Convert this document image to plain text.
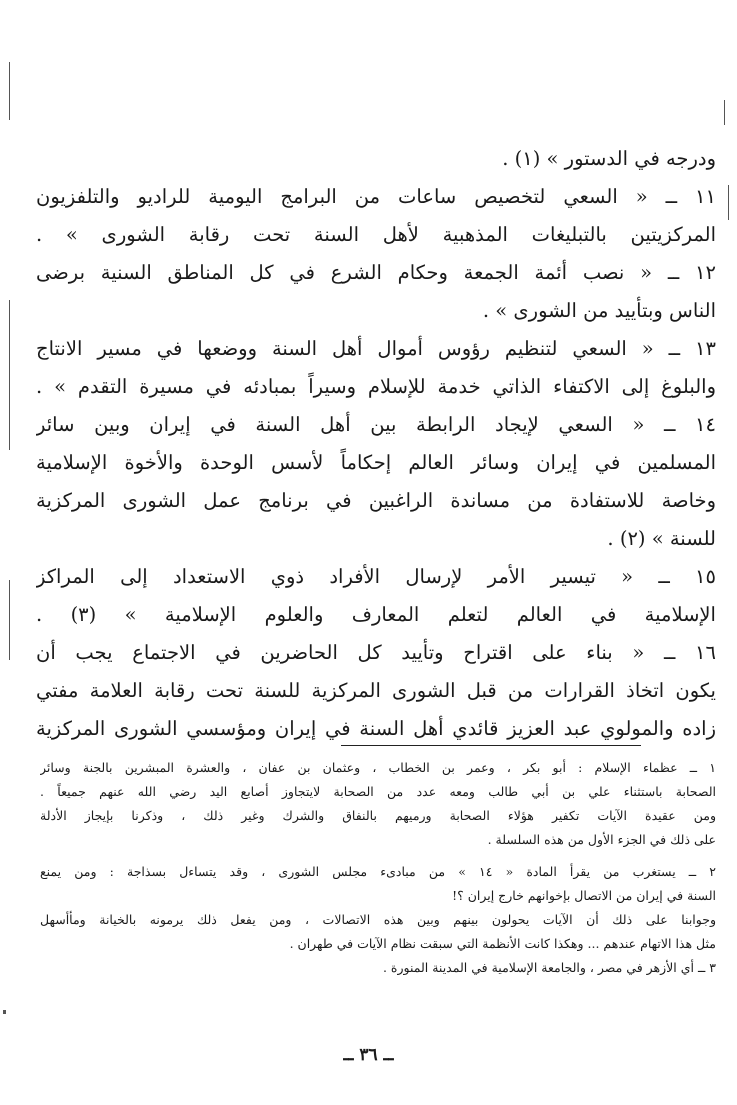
ودرجه في الدستور » (١) .
١١ ــ « السعي لتخصيص ساعات من البرامج اليومية للراديو والتلفزيون
المركزيتين بالتبليغات المذهبية لأهل السنة تحت رقابة الشورى » .
١٢ ــ « نصب أئمة الجمعة وحكام الشرع في كل المناطق السنية برضى
الناس وبتأييد من الشورى » .
١٣ ــ « السعي لتنظيم رؤوس أموال أهل السنة ووضعها في مسير الانتاج
والبلوغ إلى الاكتفاء الذاتي خدمة للإسلام وسيراً بمبادئه في مسيرة التقدم » .
١٤ ــ « السعي لإيجاد الرابطة بين أهل السنة في إيران وبين سائر
المسلمين في إيران وسائر العالم إحكاماً لأسس الوحدة والأخوة الإسلامية
وخاصة للاستفادة من مساندة الراغبين في برنامج عمل الشورى المركزية
للسنة » (٢) .
١٥ ــ « تيسير الأمر لإرسال الأفراد ذوي الاستعداد إلى المراكز
الإسلامية في العالم لتعلم المعارف والعلوم الإسلامية » (٣) .
١٦ ــ « بناء على اقتراح وتأييد كل الحاضرين في الاجتماع يجب أن
يكون اتخاذ القرارات من قبل الشورى المركزية للسنة تحت رقابة العلامة مفتي
زاده والمولوي عبد العزيز قائدي أهل السنة في إيران ومؤسسي الشورى المركزية
١ ــ عظماء الإسلام : أبو بكر ، وعمر بن الخطاب ، وعثمان بن عفان ، والعشرة المبشرين بالجنة وسائر
الصحابة باستثناء علي بن أبي طالب ومعه عدد من الصحابة لايتجاوز أصابع اليد رضي الله عنهم جميعاً .
ومن عقيدة الآيات تكفير هؤلاء الصحابة ورميهم بالنفاق والشرك وغير ذلك ، وذكرنا بإيجاز الأدلة
على ذلك في الجزء الأول من هذه السلسلة .
٢ ــ يستغرب من يقرأ المادة « ١٤ » من مبادىء مجلس الشورى ، وقد يتساءل بسذاجة : ومن يمنع
السنة في إيران من الاتصال بإخوانهم خارج إيران ؟!
وجوابنا على ذلك أن الآيات يحولون بينهم وبين هذه الاتصالات ، ومن يفعل ذلك يرمونه بالخيانة ومأأسهل
مثل هذا الاتهام عندهم ... وهكذا كانت الأنظمة التي سبقت نظام الآيات في طهران .
٣ ــ أي الأزهر في مصر ، والجامعة الإسلامية في المدينة المنورة .
ــ ٣٦ ــ
